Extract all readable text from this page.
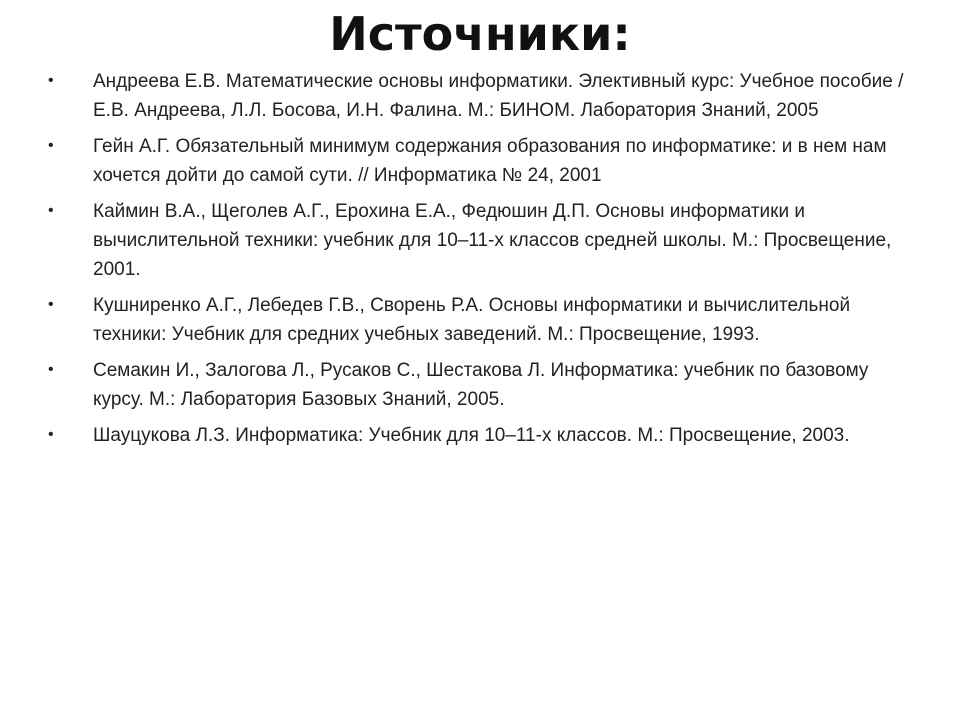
Источники:
•	Андреева Е.В. Математические основы информатики. Элективный курс: Учебное пособие / Е.В. Андреева, Л.Л. Босова, И.Н. Фалина. М.: БИНОМ. Лаборатория Знаний, 2005
•	Гейн А.Г. Обязательный минимум содержания образования по информатике: и в нем нам хочется дойти до самой сути. // Информатика № 24, 2001
•	Каймин В.А., Щеголев А.Г., Ерохина Е.А., Федюшин Д.П. Основы информатики и вычислительной техники: учебник для 10–11-х классов средней школы. М.: Просвещение, 2001.
•	Кушниренко А.Г., Лебедев Г.В., Сворень Р.А. Основы информатики и вычислительной техники: Учебник для средних учебных заведений. М.: Просвещение, 1993.
•	Семакин И., Залогова Л., Русаков С., Шестакова Л. Информатика: учебник по базовому курсу. М.: Лаборатория Базовых Знаний, 2005.
•	Шауцукова Л.З. Информатика: Учебник для 10–11-х классов. М.: Просвещение, 2003.
